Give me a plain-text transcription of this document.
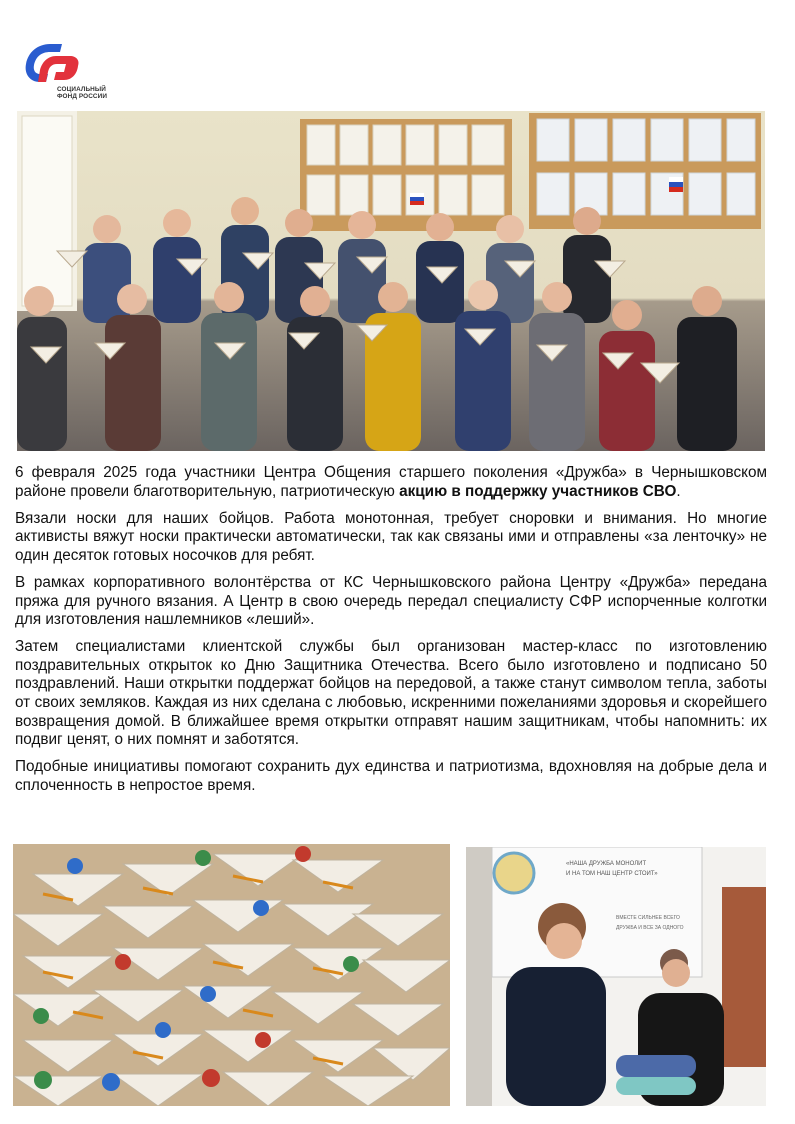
СОЦИАЛЬНЫЙ
ФОНД РОССИИ

6 февраля 2025 года участники Центра Общения старшего поколения «Дружба» в Чернышковском районе провели благотворительную, патриотическую акцию в поддержку участников СВО.

Вязали носки для наших бойцов. Работа монотонная, требует сноровки и внимания. Но многие активисты вяжут носки практически автоматически, так как связаны ими и отправлены «за ленточку» не один десяток готовых носочков для ребят.

В рамках корпоративного волонтёрства от КС Чернышковского района Центру «Дружба» передана пряжа для ручного вязания. А Центр в свою очередь передал специалисту СФР испорченные колготки для изготовления нашлемников «леший».

Затем специалистами клиентской службы был организован мастер-класс по изготовлению поздравительных открыток ко Дню Защитника Отечества. Всего было изготовлено и подписано 50 поздравлений. Наши открытки поддержат бойцов на передовой, а также станут символом тепла, заботы от своих земляков. Каждая из них сделана с любовью, искренними пожеланиями здоровья и скорейшего возвращения домой. В ближайшее время открытки отправят нашим защитникам, чтобы напомнить: их подвиг ценят, о них помнят и заботятся.

Подобные инициативы помогают сохранить дух единства и патриотизма, вдохновляя на добрые дела и сплоченность в непростое время.

«НАША ДРУЖБА МОНОЛИТ
И НА ТОМ НАШ ЦЕНТР СТОИТ»
ВМЕСТЕ СИЛЬНЕЕ ВСЕГО
ДРУЖБА И ВСЕ ЗА ОДНОГО
